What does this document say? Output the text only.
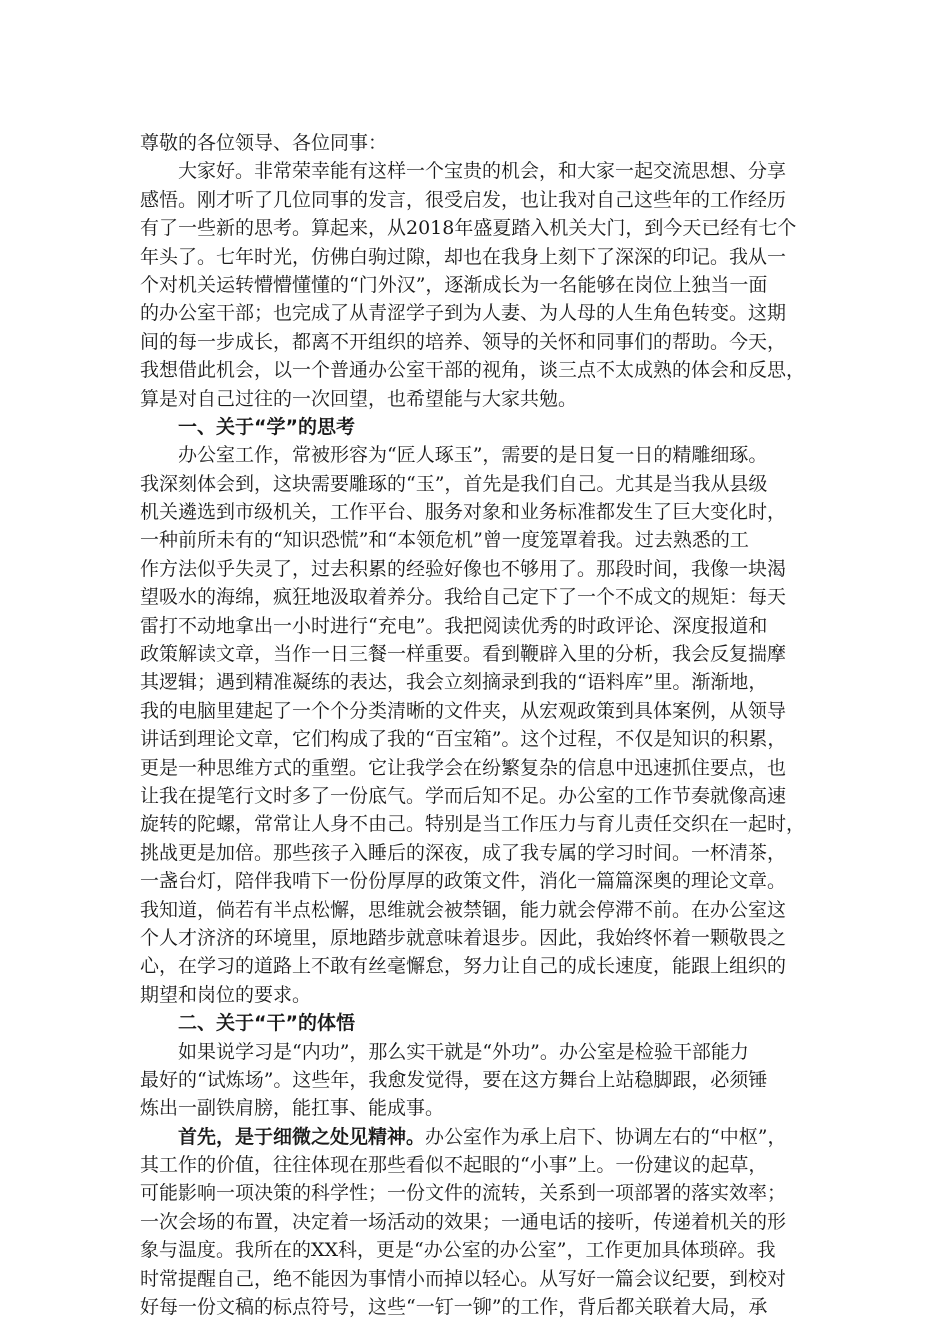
尊敬的各位领导、各位同事：
大家好。非常荣幸能有这样一个宝贵的机会，和大家一起交流思想、分享
感悟。刚才听了几位同事的发言，很受启发，也让我对自己这些年的工作经历
有了一些新的思考。算起来，从2018年盛夏踏入机关大门，到今天已经有七个
年头了。七年时光，仿佛白驹过隙，却也在我身上刻下了深深的印记。我从一
个对机关运转懵懵懂懂的“门外汉”，逐渐成长为一名能够在岗位上独当一面
的办公室干部；也完成了从青涩学子到为人妻、为人母的人生角色转变。这期
间的每一步成长，都离不开组织的培养、领导的关怀和同事们的帮助。今天，
我想借此机会，以一个普通办公室干部的视角，谈三点不太成熟的体会和反思，
算是对自己过往的一次回望，也希望能与大家共勉。
一、关于“学”的思考
办公室工作，常被形容为“匠人琢玉”，需要的是日复一日的精雕细琢。
我深刻体会到，这块需要雕琢的“玉”，首先是我们自己。尤其是当我从县级
机关遴选到市级机关，工作平台、服务对象和业务标准都发生了巨大变化时，
一种前所未有的“知识恐慌”和“本领危机”曾一度笼罩着我。过去熟悉的工
作方法似乎失灵了，过去积累的经验好像也不够用了。那段时间，我像一块渴
望吸水的海绵，疯狂地汲取着养分。我给自己定下了一个不成文的规矩：每天
雷打不动地拿出一小时进行“充电”。我把阅读优秀的时政评论、深度报道和
政策解读文章，当作一日三餐一样重要。看到鞭辟入里的分析，我会反复揣摩
其逻辑；遇到精准凝练的表达，我会立刻摘录到我的“语料库”里。渐渐地，
我的电脑里建起了一个个分类清晰的文件夹，从宏观政策到具体案例，从领导
讲话到理论文章，它们构成了我的“百宝箱”。这个过程，不仅是知识的积累，
更是一种思维方式的重塑。它让我学会在纷繁复杂的信息中迅速抓住要点，也
让我在提笔行文时多了一份底气。学而后知不足。办公室的工作节奏就像高速
旋转的陀螺，常常让人身不由己。特别是当工作压力与育儿责任交织在一起时，
挑战更是加倍。那些孩子入睡后的深夜，成了我专属的学习时间。一杯清茶，
一盏台灯，陪伴我啃下一份份厚厚的政策文件，消化一篇篇深奥的理论文章。
我知道，倘若有半点松懈，思维就会被禁锢，能力就会停滞不前。在办公室这
个人才济济的环境里，原地踏步就意味着退步。因此，我始终怀着一颗敬畏之
心，在学习的道路上不敢有丝毫懈怠，努力让自己的成长速度，能跟上组织的
期望和岗位的要求。
二、关于“干”的体悟
如果说学习是“内功”，那么实干就是“外功”。办公室是检验干部能力
最好的“试炼场”。这些年，我愈发觉得，要在这方舞台上站稳脚跟，必须锤
炼出一副铁肩膀，能扛事、能成事。
首先，是于细微之处见精神。办公室作为承上启下、协调左右的“中枢”，
其工作的价值，往往体现在那些看似不起眼的“小事”上。一份建议的起草，
可能影响一项决策的科学性；一份文件的流转，关系到一项部署的落实效率；
一次会场的布置，决定着一场活动的效果；一通电话的接听，传递着机关的形
象与温度。我所在的XX科，更是“办公室的办公室”，工作更加具体琐碎。我
时常提醒自己，绝不能因为事情小而掉以轻心。从写好一篇会议纪要，到校对
好每一份文稿的标点符号，这些“一钉一铆”的工作，背后都关联着大局，承
